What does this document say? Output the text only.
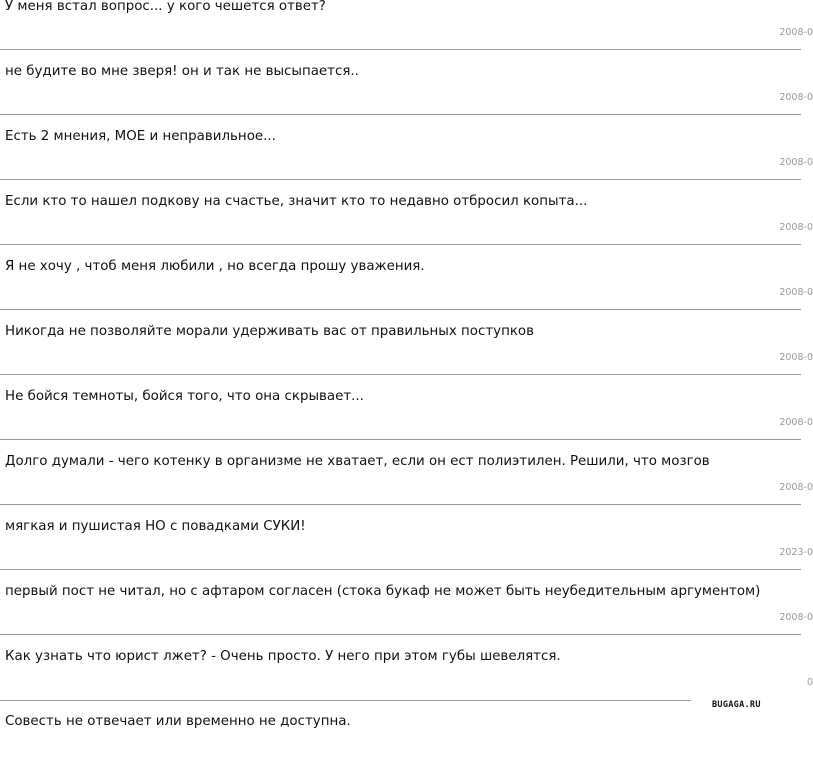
У меня встал вопрос... у кого чешется ответ?
2008-0
не будите во мне зверя! он и так не высыпается..
2008-0
Есть 2 мнения, МОЕ и неправильное...
2008-0
Если кто то нашел подкову на счастье, значит кто то недавно отбросил копыта...
2008-0
Я не хочу , чтоб меня любили , но всегда прошу уважения.
2008-0
Никогда не позволяйте морали удерживать вас от правильных поступков
2008-0
Не бойся темноты, бойся того, что она скрывает...
2008-0
Долго думали - чего котенку в организме не хватает, если он ест полиэтилен. Решили, что мозгов
2008-0
мягкая и пушистая НО с повадками СУКИ!
2023-0
первый пост не читал, но с афтаром согласен (стока букаф не может быть неубедительным аргументом)
2008-0
Как узнать что юрист лжет? - Очень просто. У него при этом губы шевелятся.
0
Совесть не отвечает или временно не доступна.
BUGAGA.RU
